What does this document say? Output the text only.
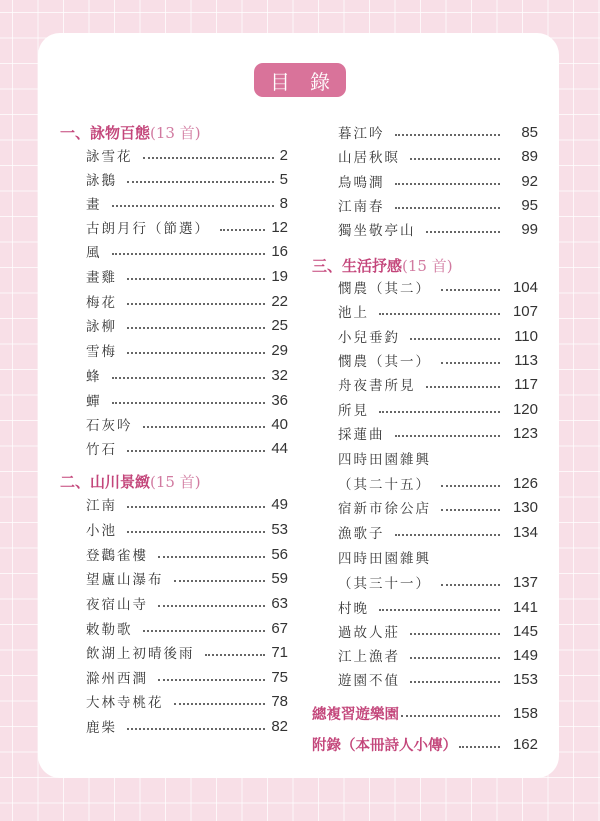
目 錄
一、詠物百態(13 首)
詠雪花	2
詠鵝	5
畫	8
古朗月行（節選）	12
風	16
畫雞	19
梅花	22
詠柳	25
雪梅	29
蜂	32
蟬	36
石灰吟	40
竹石	44
二、山川景緻(15 首)
江南	49
小池	53
登鸛雀樓	56
望廬山瀑布	59
夜宿山寺	63
敕勒歌	67
飲湖上初晴後雨	71
滁州西澗	75
大林寺桃花	78
鹿柴	82
暮江吟	85
山居秋暝	89
鳥鳴澗	92
江南春	95
獨坐敬亭山	99
三、生活抒感(15 首)
憫農（其二）	104
池上	107
小兒垂釣	110
憫農（其一）	113
舟夜書所見	117
所見	120
採蓮曲	123
四時田園雜興
（其二十五）	126
宿新市徐公店	130
漁歌子	134
四時田園雜興
（其三十一）	137
村晚	141
過故人莊	145
江上漁者	149
遊園不值	153
總複習遊樂園	158
附錄（本冊詩人小傳）	162
